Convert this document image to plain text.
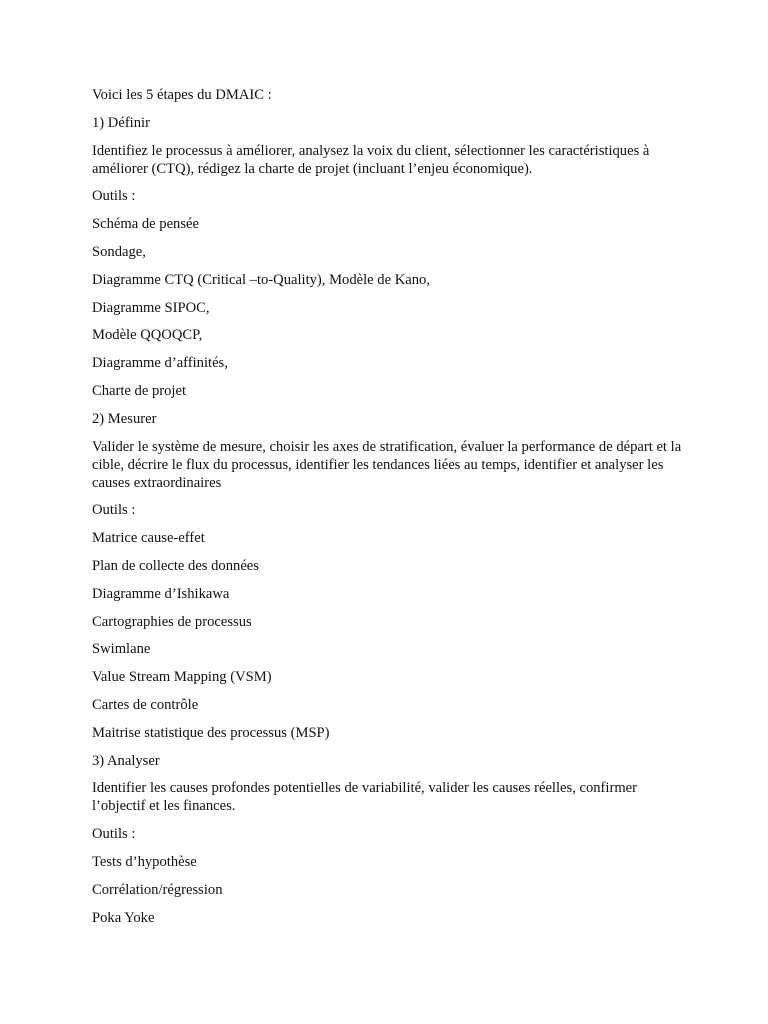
Voici les 5 étapes du DMAIC :

1) Définir

Identifiez le processus à améliorer, analysez la voix du client, sélectionner les caractéristiques à améliorer (CTQ), rédigez la charte de projet (incluant l’enjeu économique).

Outils :

Schéma de pensée

Sondage,

Diagramme CTQ (Critical –to-Quality), Modèle de Kano,

Diagramme SIPOC,

Modèle QQOQCP,

Diagramme d’affinités,

Charte de projet

2) Mesurer

Valider le système de mesure, choisir les axes de stratification, évaluer la performance de départ et la cible, décrire le flux du processus, identifier les tendances liées au temps, identifier et analyser les causes extraordinaires

Outils :

Matrice cause-effet

Plan de collecte des données

Diagramme d’Ishikawa

Cartographies de processus

Swimlane

Value Stream Mapping (VSM)

Cartes de contrôle

Maitrise statistique des processus (MSP)

3) Analyser

Identifier les causes profondes potentielles de variabilité, valider les causes réelles, confirmer l’objectif et les finances.

Outils :

Tests d’hypothèse

Corrélation/régression

Poka Yoke
